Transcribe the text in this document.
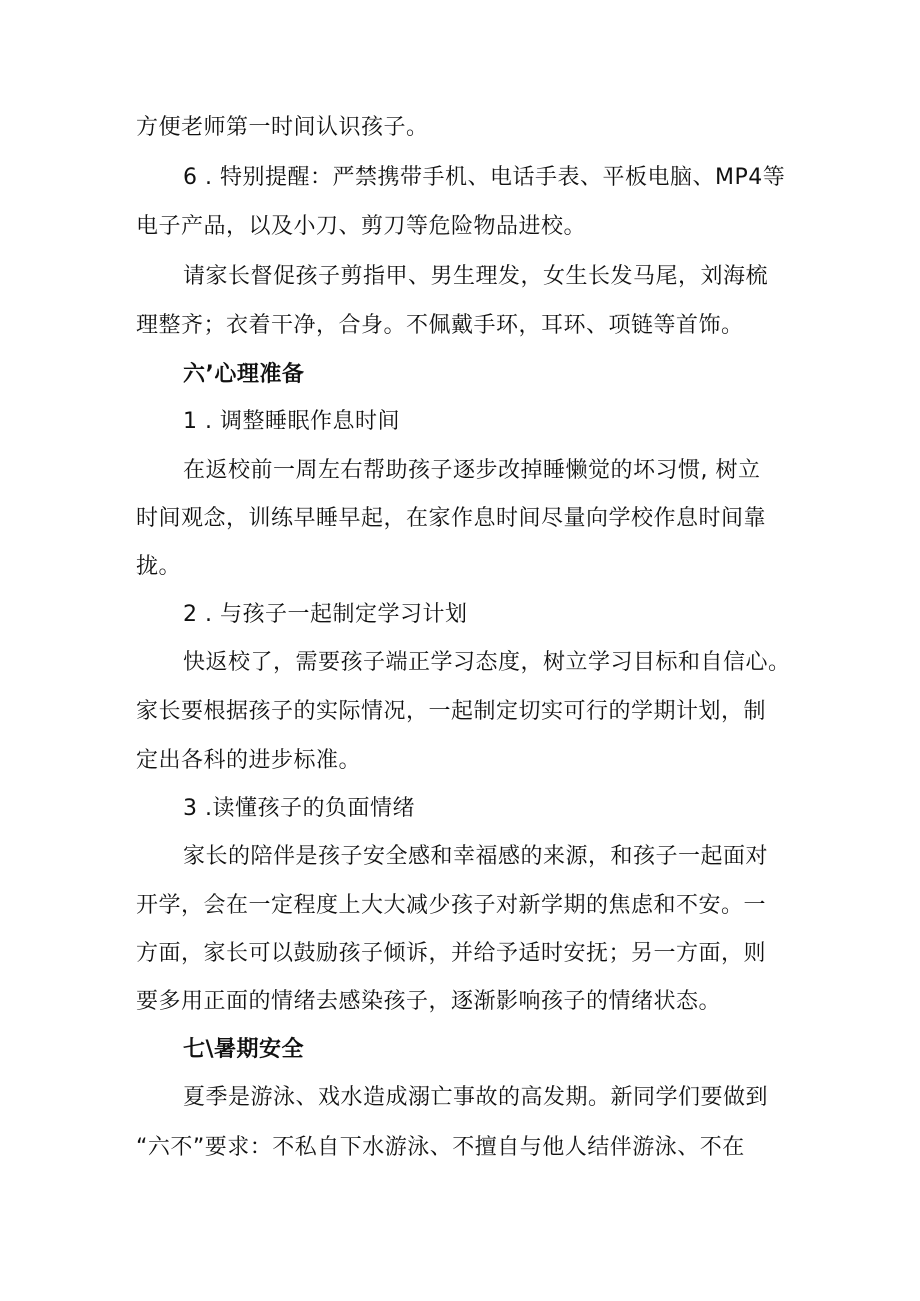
方便老师第一时间认识孩子。
6 . 特别提醒：严禁携带手机、电话手表、平板电脑、MP4等
电子产品，以及小刀、剪刀等危险物品进校。
请家长督促孩子剪指甲、男生理发，女生长发马尾，刘海梳
理整齐；衣着干净，合身。不佩戴手环，耳环、项链等首饰。
六’心理准备
1 . 调整睡眠作息时间
在返校前一周左右帮助孩子逐步改掉睡懒觉的坏习惯, 树立
时间观念，训练早睡早起，在家作息时间尽量向学校作息时间靠
拢。
2 . 与孩子一起制定学习计划
快返校了，需要孩子端正学习态度，树立学习目标和自信心。
家长要根据孩子的实际情况，一起制定切实可行的学期计划，制
定出各科的进步标准。
3 .读懂孩子的负面情绪
家长的陪伴是孩子安全感和幸福感的来源，和孩子一起面对
开学，会在一定程度上大大减少孩子对新学期的焦虑和不安。一
方面，家长可以鼓励孩子倾诉，并给予适时安抚；另一方面，则
要多用正面的情绪去感染孩子，逐渐影响孩子的情绪状态。
七\暑期安全
夏季是游泳、戏水造成溺亡事故的高发期。新同学们要做到
“六不”要求：不私自下水游泳、不擅自与他人结伴游泳、不在
